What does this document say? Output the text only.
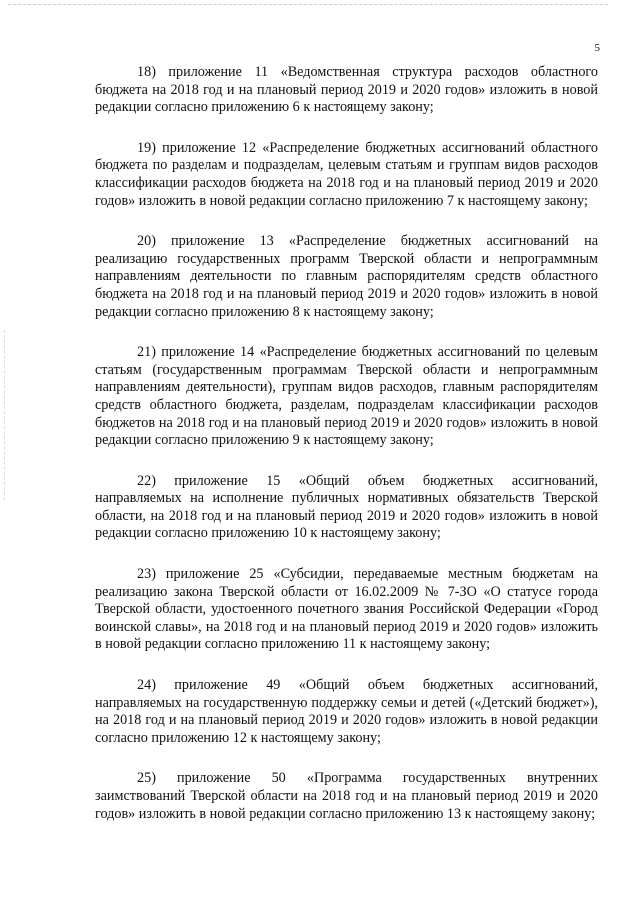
5

18) приложение 11 «Ведомственная структура расходов областного бюджета на 2018 год и на плановый период 2019 и 2020 годов» изложить в новой редакции согласно приложению 6 к настоящему закону;

19) приложение 12 «Распределение бюджетных ассигнований областного бюджета по разделам и подразделам, целевым статьям и группам видов расходов классификации расходов бюджета на 2018 год и на плановый период 2019 и 2020 годов» изложить в новой редакции согласно приложению 7 к настоящему закону;

20) приложение 13 «Распределение бюджетных ассигнований на реализацию государственных программ Тверской области и непрограммным направлениям деятельности по главным распорядителям средств областного бюджета на 2018 год и на плановый период 2019 и 2020 годов» изложить в новой редакции согласно приложению 8 к настоящему закону;

21) приложение 14 «Распределение бюджетных ассигнований по целевым статьям (государственным программам Тверской области и непрограммным направлениям деятельности), группам видов расходов, главным распорядителям средств областного бюджета, разделам, подразделам классификации расходов бюджетов на 2018 год и на плановый период 2019 и 2020 годов» изложить в новой редакции согласно приложению 9 к настоящему закону;

22) приложение 15 «Общий объем бюджетных ассигнований, направляемых на исполнение публичных нормативных обязательств Тверской области, на 2018 год и на плановый период 2019 и 2020 годов» изложить в новой редакции согласно приложению 10 к настоящему закону;

23) приложение 25 «Субсидии, передаваемые местным бюджетам на реализацию закона Тверской области от 16.02.2009 № 7-ЗО «О статусе города Тверской области, удостоенного почетного звания Российской Федерации «Город воинской славы», на 2018 год и на плановый период 2019 и 2020 годов» изложить в новой редакции согласно приложению 11 к настоящему закону;

24) приложение 49 «Общий объем бюджетных ассигнований, направляемых на государственную поддержку семьи и детей («Детский бюджет»), на 2018 год и на плановый период 2019 и 2020 годов» изложить в новой редакции согласно приложению 12 к настоящему закону;

25) приложение 50 «Программа государственных внутренних заимствований Тверской области на 2018 год и на плановый период 2019 и 2020 годов» изложить в новой редакции согласно приложению 13 к настоящему закону;
